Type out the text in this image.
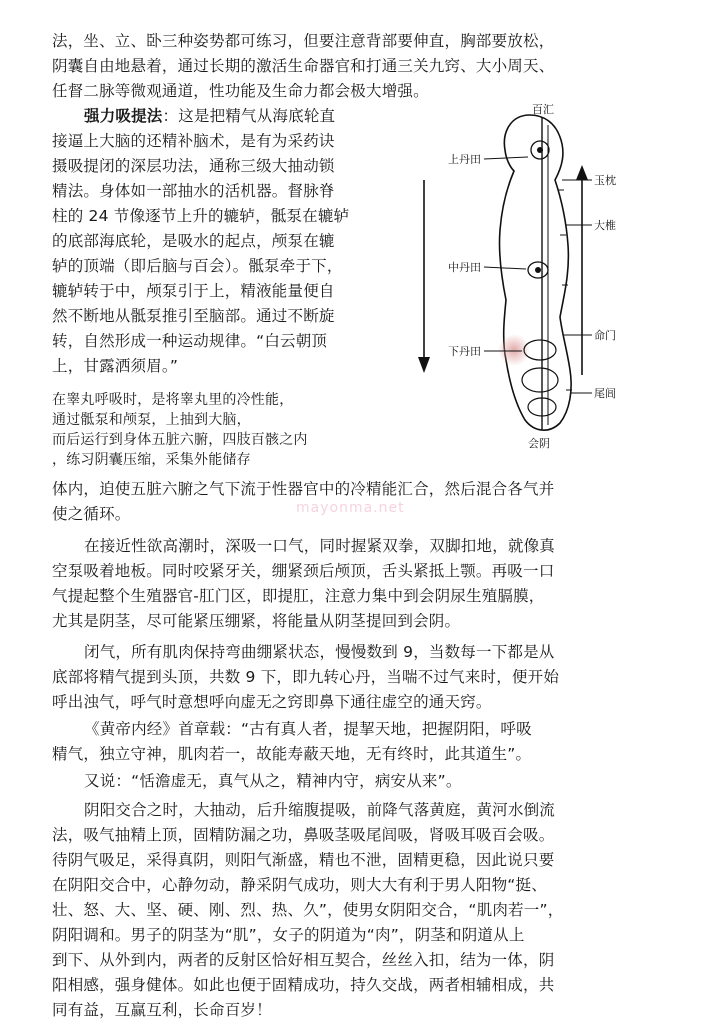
法，坐、立、卧三种姿势都可练习，但要注意背部要伸直，胸部要放松，
阴囊自由地悬着，通过长期的激活生命器官和打通三关九窍、大小周天、
任督二脉等微观通道，性功能及生命力都会极大增强。
强力吸提法：这是把精气从海底轮直
接逼上大脑的还精补脑术，是有为采药诀
摄吸提闭的深层功法，通称三级大抽动锁
精法。身体如一部抽水的活机器。督脉脊
柱的 24 节像逐节上升的辘轳，骶泵在辘轳
的底部海底轮，是吸水的起点，颅泵在辘
轳的顶端（即后脑与百会）。骶泵牵于下，
辘轳转于中，颅泵引于上，精液能量便自
然不断地从骶泵推引至脑部。通过不断旋
转，自然形成一种运动规律。“白云朝顶
上，甘露洒须眉。”
在睾丸呼吸时，是将睾丸里的冷性能，
通过骶泵和颅泵，上抽到大脑，
而后运行到身体五脏六腑，四肢百骸之内
，练习阴囊压缩，采集外能储存
体内，迫使五脏六腑之气下流于性器官中的冷精能汇合，然后混合各气并
使之循环。
在接近性欲高潮时，深吸一口气，同时握紧双拳，双脚扣地，就像真
空泵吸着地板。同时咬紧牙关，绷紧颈后颅顶，舌头紧抵上颚。再吸一口
气提起整个生殖器官-肛门区，即提肛，注意力集中到会阴尿生殖膈膜，
尤其是阴茎，尽可能紧压绷紧，将能量从阴茎提回到会阴。
闭气，所有肌肉保持弯曲绷紧状态，慢慢数到 9，当数每一下都是从
底部将精气提到头顶，共数 9 下，即九转心丹，当喘不过气来时，便开始
呼出浊气，呼气时意想呼向虚无之窍即鼻下通往虚空的通天窍。
《黄帝内经》首章载：“古有真人者，提挈天地，把握阴阳，呼吸
精气，独立守神，肌肉若一，故能寿蔽天地，无有终时，此其道生”。
又说：“恬澹虚无，真气从之，精神内守，病安从来”。
阴阳交合之时，大抽动，后升缩腹提吸，前降气落黄庭，黄河水倒流
法，吸气抽精上顶，固精防漏之功，鼻吸茎吸尾闾吸，肾吸耳吸百会吸。
待阴气吸足，采得真阴，则阳气渐盛，精也不泄，固精更稳，因此说只要
在阴阳交合中，心静勿动，静采阴气成功，则大大有利于男人阳物“挺、
壮、怒、大、坚、硬、刚、烈、热、久”，使男女阴阳交合，“肌肉若一”，
阴阳调和。男子的阴茎为“肌”，女子的阴道为“肉”，阴茎和阴道从上
到下、从外到内，两者的反射区恰好相互契合，丝丝入扣，结为一体，阴
阳相感，强身健体。如此也便于固精成功，持久交战，两者相辅相成，共
同有益，互赢互利，长命百岁！
mayonma.net
百汇
上丹田
玉枕
大椎
中丹田
命门
下丹田
尾闾
会阴
